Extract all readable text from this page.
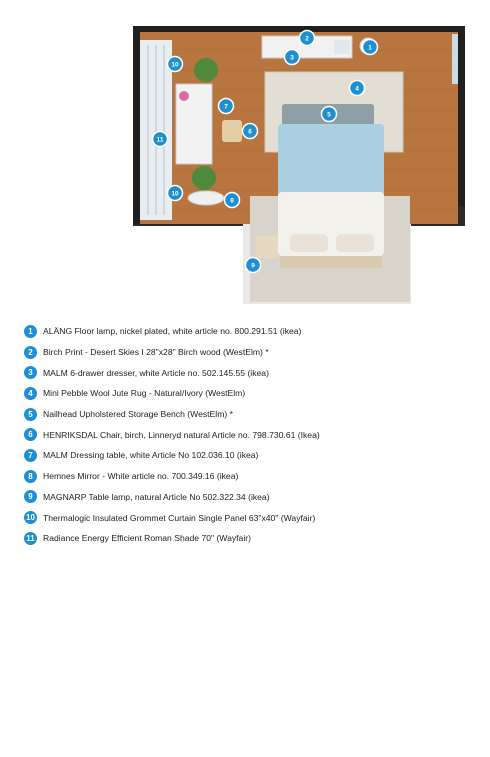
1
2
3
4
5
6
7
8
9
10
10
11
1	ALÄNG Floor lamp, nickel plated, white article no. 800.291.51 (ikea)
2	Birch Print - Desert Skies I 28"x28" Birch wood (WestElm) *
3	MALM 6-drawer dresser, white Article no. 502.145.55 (ikea)
4	Mini Pebble Wool Jute Rug - Natural/Ivory (WestElm)
5	Nailhead Upholstered Storage Bench (WestElm) *
6	HENRIKSDAL Chair, birch, Linneryd natural Article no. 798.730.61 (Ikea)
7	MALM Dressing table, white Article No 102.036.10 (ikea)
8	Hemnes Mirror - White article no. 700.349.16 (ikea)
9	MAGNARP Table lamp, natural Article No 502.322.34 (ikea)
10 Thermalogic Insulated Grommet Curtain Single Panel 63"x40" (Wayfair)
11 Radiance Energy Efficient Roman Shade 70" (Wayfair)
